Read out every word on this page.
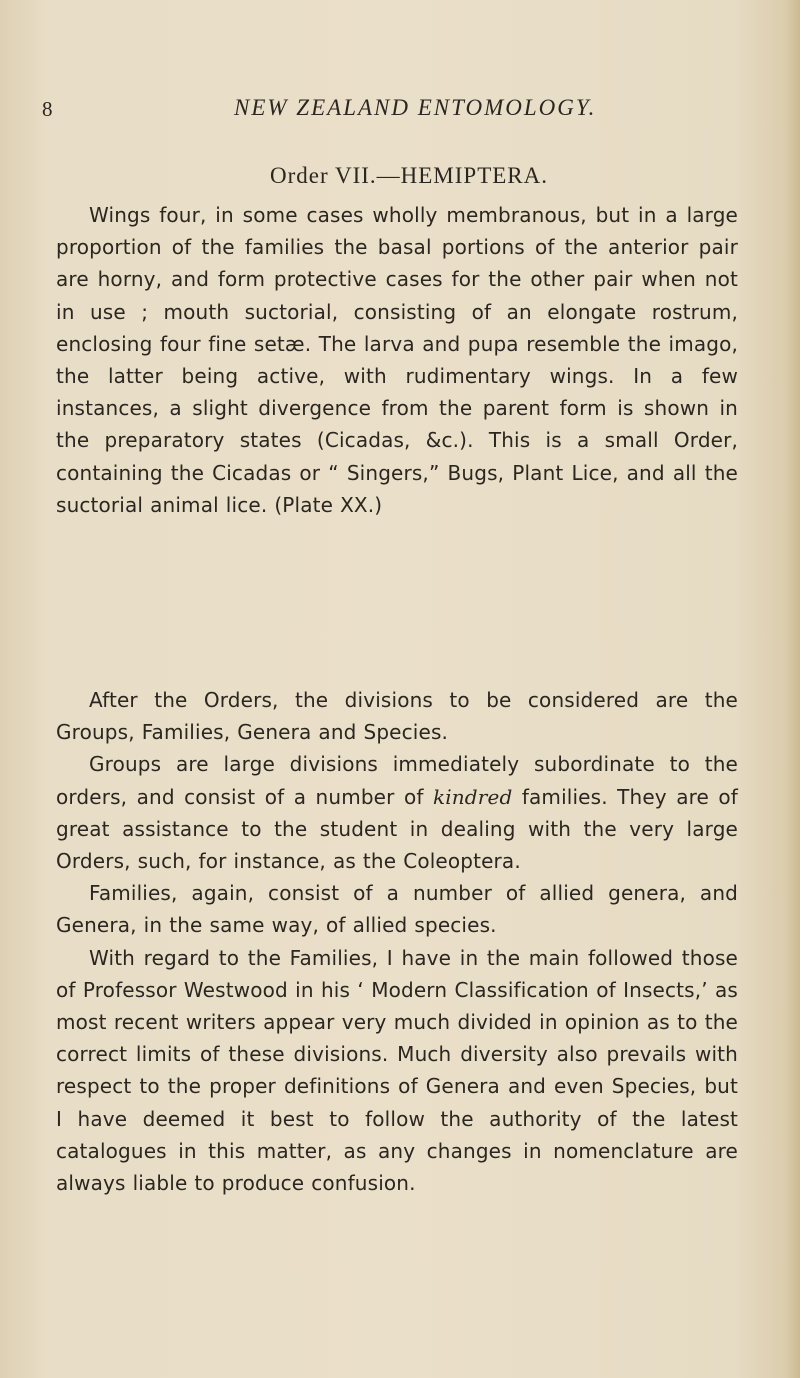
8	NEW ZEALAND ENTOMOLOGY.
Order VII.—HEMIPTERA.

Wings four, in some cases wholly membranous, but in a large proportion of the families the basal portions of the anterior pair are horny, and form protective cases for the other pair when not in use ; mouth suctorial, consisting of an elongate rostrum, enclosing four fine setæ. The larva and pupa resemble the imago, the latter being active, with rudimentary wings. In a few instances, a slight divergence from the parent form is shown in the preparatory states (Cicadas, &c.). This is a small Order, containing the Cicadas or “ Singers,” Bugs, Plant Lice, and all the suctorial animal lice. (Plate XX.)

After the Orders, the divisions to be considered are the Groups, Families, Genera and Species.

Groups are large divisions immediately subordinate to the orders, and consist of a number of kindred families. They are of great assistance to the student in dealing with the very large Orders, such, for instance, as the Coleoptera.

Families, again, consist of a number of allied genera, and Genera, in the same way, of allied species.

With regard to the Families, I have in the main followed those of Professor Westwood in his ‘ Modern Classification of Insects,’ as most recent writers appear very much divided in opinion as to the correct limits of these divisions. Much diversity also prevails with respect to the proper definitions of Genera and even Species, but I have deemed it best to follow the authority of the latest catalogues in this matter, as any changes in nomenclature are always liable to produce confusion.
